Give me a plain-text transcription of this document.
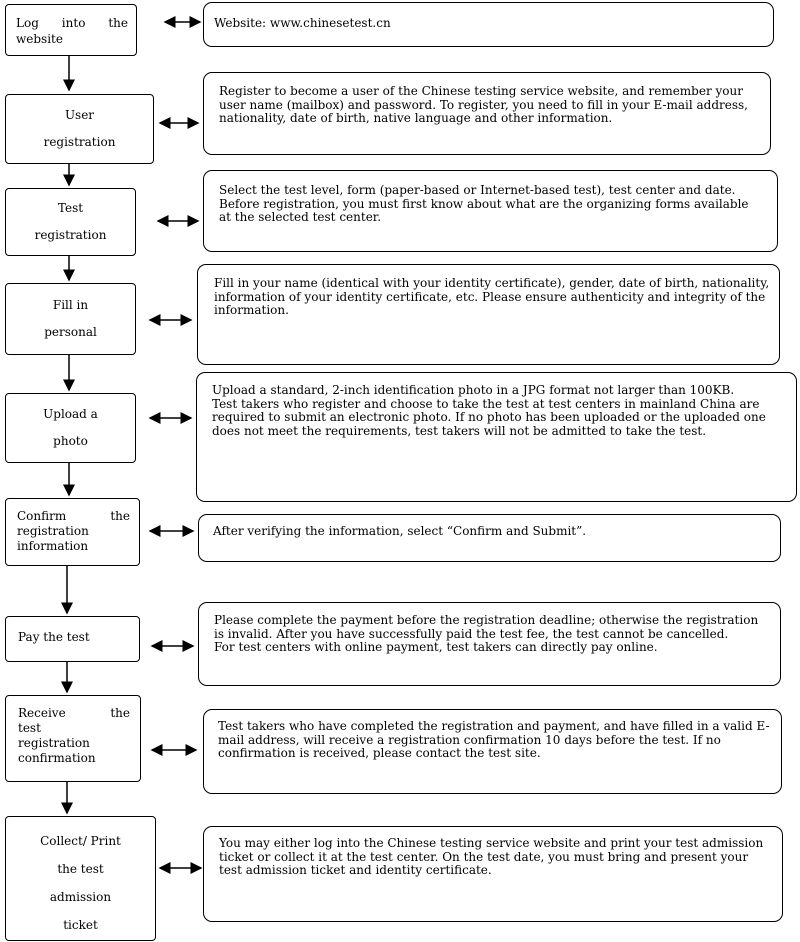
Log into the
website
User
registration
Test
registration
Fill in
personal
Upload a
photo
Confirm the
registration
information
Pay the test
Receive the
test
registration
confirmation
Collect/ Print
the test
admission
ticket
Website: www.chinesetest.cn
Register to become a user of the Chinese testing service website, and remember your user name (mailbox) and password. To register, you need to fill in your E-mail address, nationality, date of birth, native language and other information.
Select the test level, form (paper-based or Internet-based test), test center and date. Before registration, you must first know about what are the organizing forms available at the selected test center.
Fill in your name (identical with your identity certificate), gender, date of birth, nationality, information of your identity certificate, etc. Please ensure authenticity and integrity of the information.
Upload a standard, 2-inch identification photo in a JPG format not larger than 100KB.
Test takers who register and choose to take the test at test centers in mainland China are required to submit an electronic photo. If no photo has been uploaded or the uploaded one does not meet the requirements, test takers will not be admitted to take the test.
After verifying the information, select “Confirm and Submit”.
Please complete the payment before the registration deadline; otherwise the registration is invalid. After you have successfully paid the test fee, the test cannot be cancelled.
For test centers with online payment, test takers can directly pay online.
Test takers who have completed the registration and payment, and have filled in a valid E-mail address, will receive a registration confirmation 10 days before the test. If no confirmation is received, please contact the test site.
You may either log into the Chinese testing service website and print your test admission ticket or collect it at the test center. On the test date, you must bring and present your test admission ticket and identity certificate.
